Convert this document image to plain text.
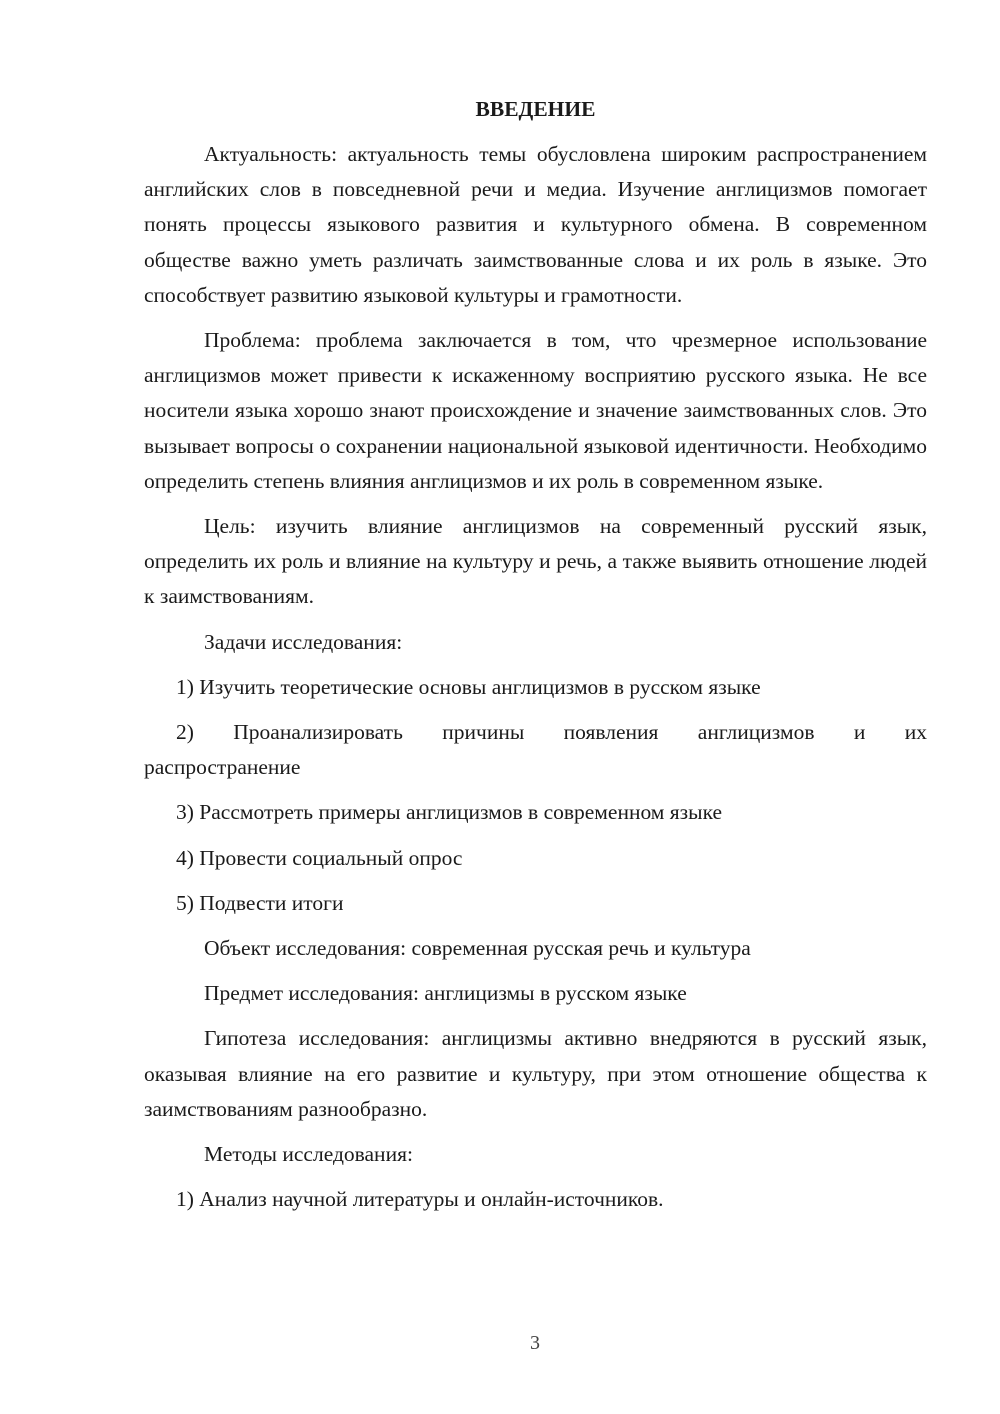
ВВЕДЕНИЕ
Актуальность: актуальность темы обусловлена широким распространением английских слов в повседневной речи и медиа. Изучение англицизмов помогает понять процессы языкового развития и культурного обмена. В современном обществе важно уметь различать заимствованные слова и их роль в языке. Это способствует развитию языковой культуры и грамотности.
Проблема: проблема заключается в том, что чрезмерное использование англицизмов может привести к искаженному восприятию русского языка. Не все носители языка хорошо знают происхождение и значение заимствованных слов. Это вызывает вопросы о сохранении национальной языковой идентичности. Необходимо определить степень влияния англицизмов и их роль в современном языке.
Цель: изучить влияние англицизмов на современный русский язык, определить их роль и влияние на культуру и речь, а также выявить отношение людей к заимствованиям.
Задачи исследования:
1) Изучить теоретические основы англицизмов в русском языке
2) Проанализировать причины появления англицизмов и их распространение
3) Рассмотреть примеры англицизмов в современном языке
4) Провести социальный опрос
5) Подвести итоги
Объект исследования: современная русская речь и культура
Предмет исследования: англицизмы в русском языке
Гипотеза исследования: англицизмы активно внедряются в русский язык, оказывая влияние на его развитие и культуру, при этом отношение общества к заимствованиям разнообразно.
Методы исследования:
1) Анализ научной литературы и онлайн-источников.
3
